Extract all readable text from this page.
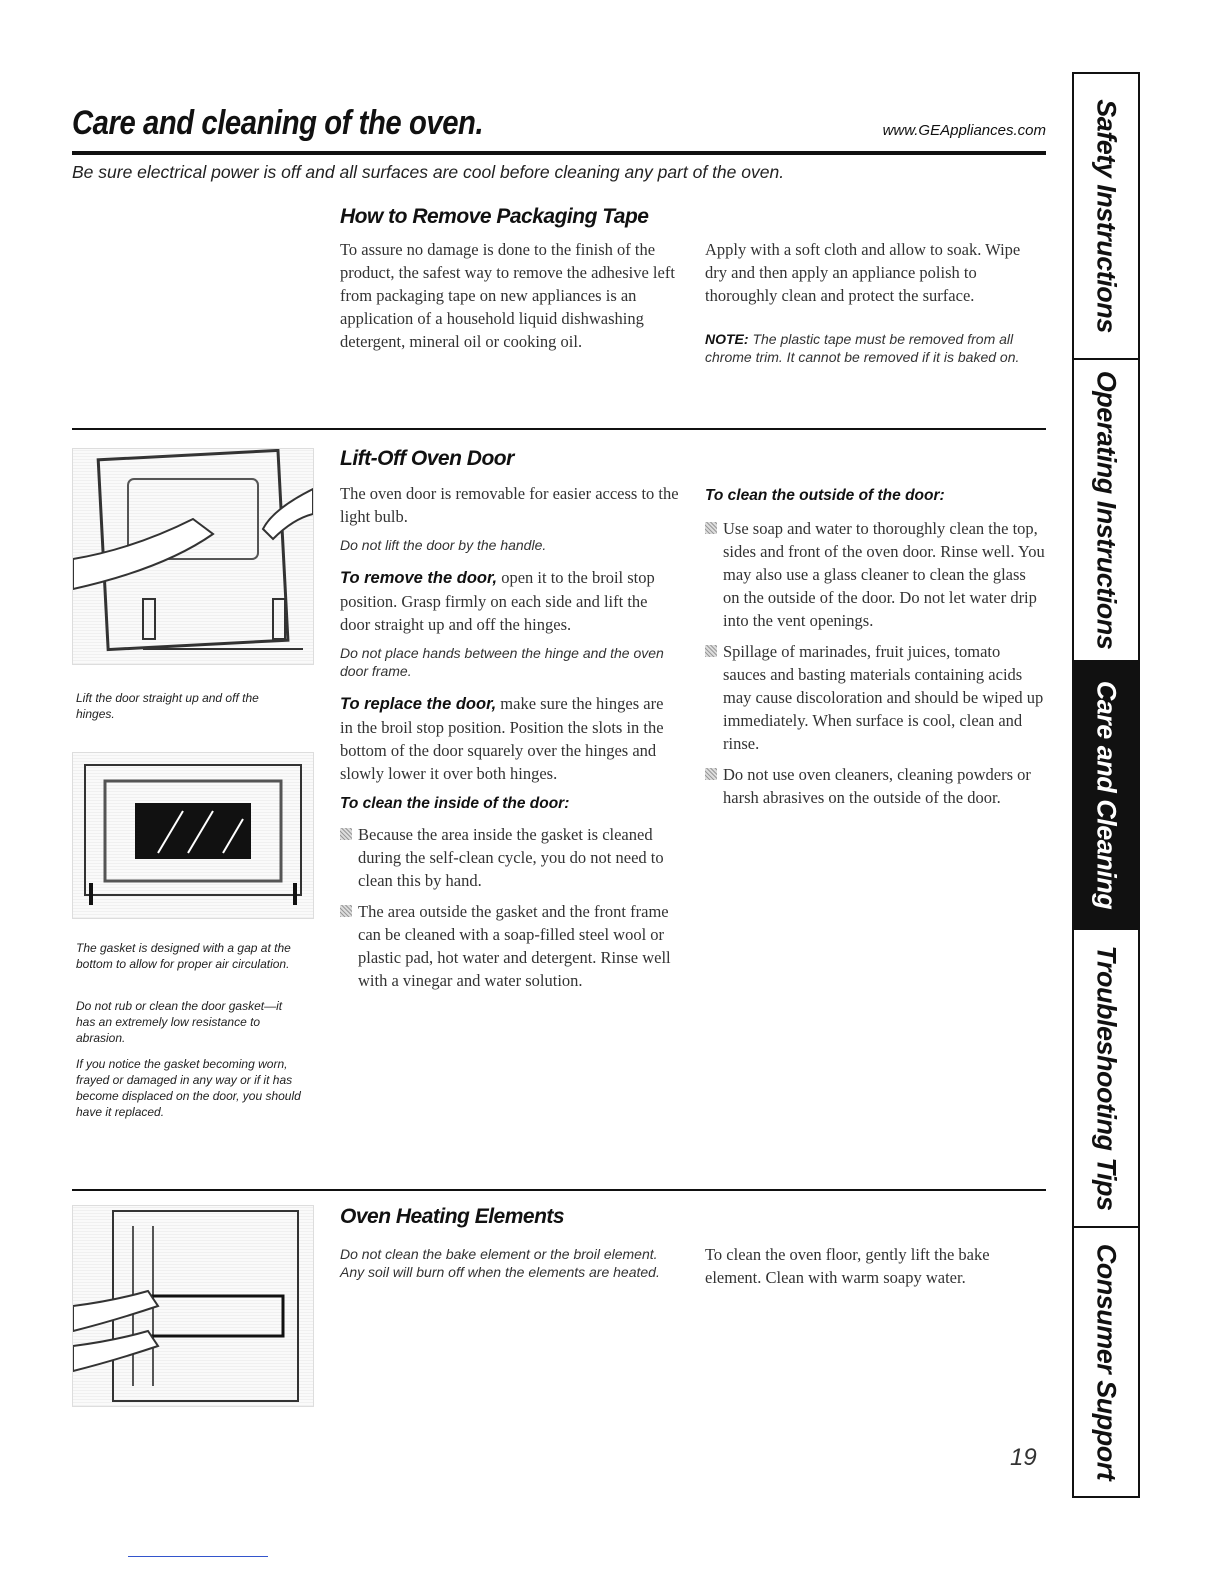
Care and cleaning of the oven.	www.GEAppliances.com
Be sure electrical power is off and all surfaces are cool before cleaning any part of the oven.
How to Remove Packaging Tape
To assure no damage is done to the finish of the product, the safest way to remove the adhesive left from packaging tape on new appliances is an application of a household liquid dishwashing detergent, mineral oil or cooking oil.
Apply with a soft cloth and allow to soak. Wipe dry and then apply an appliance polish to thoroughly clean and protect the surface.
NOTE: The plastic tape must be removed from all chrome trim. It cannot be removed if it is baked on.
Lift the door straight up and off the hinges.
The gasket is designed with a gap at the bottom to allow for proper air circulation.
Do not rub or clean the door gasket—it has an extremely low resistance to abrasion.
If you notice the gasket becoming worn, frayed or damaged in any way or if it has become displaced on the door, you should have it replaced.
Lift-Off Oven Door
The oven door is removable for easier access to the light bulb.
Do not lift the door by the handle.
To remove the door, open it to the broil stop position. Grasp firmly on each side and lift the door straight up and off the hinges.
Do not place hands between the hinge and the oven door frame.
To replace the door, make sure the hinges are in the broil stop position. Position the slots in the bottom of the door squarely over the hinges and slowly lower it over both hinges.
To clean the inside of the door:
Because the area inside the gasket is cleaned during the self-clean cycle, you do not need to clean this by hand.
The area outside the gasket and the front frame can be cleaned with a soap-filled steel wool or plastic pad, hot water and detergent. Rinse well with a vinegar and water solution.
To clean the outside of the door:
Use soap and water to thoroughly clean the top, sides and front of the oven door. Rinse well. You may also use a glass cleaner to clean the glass on the outside of the door. Do not let water drip into the vent openings.
Spillage of marinades, fruit juices, tomato sauces and basting materials containing acids may cause discoloration and should be wiped up immediately. When surface is cool, clean and rinse.
Do not use oven cleaners, cleaning powders or harsh abrasives on the outside of the door.
Oven Heating Elements
Do not clean the bake element or the broil element. Any soil will burn off when the elements are heated.
To clean the oven floor, gently lift the bake element. Clean with warm soapy water.
Safety Instructions
Operating Instructions
Care and Cleaning
Troubleshooting Tips
Consumer Support
19
